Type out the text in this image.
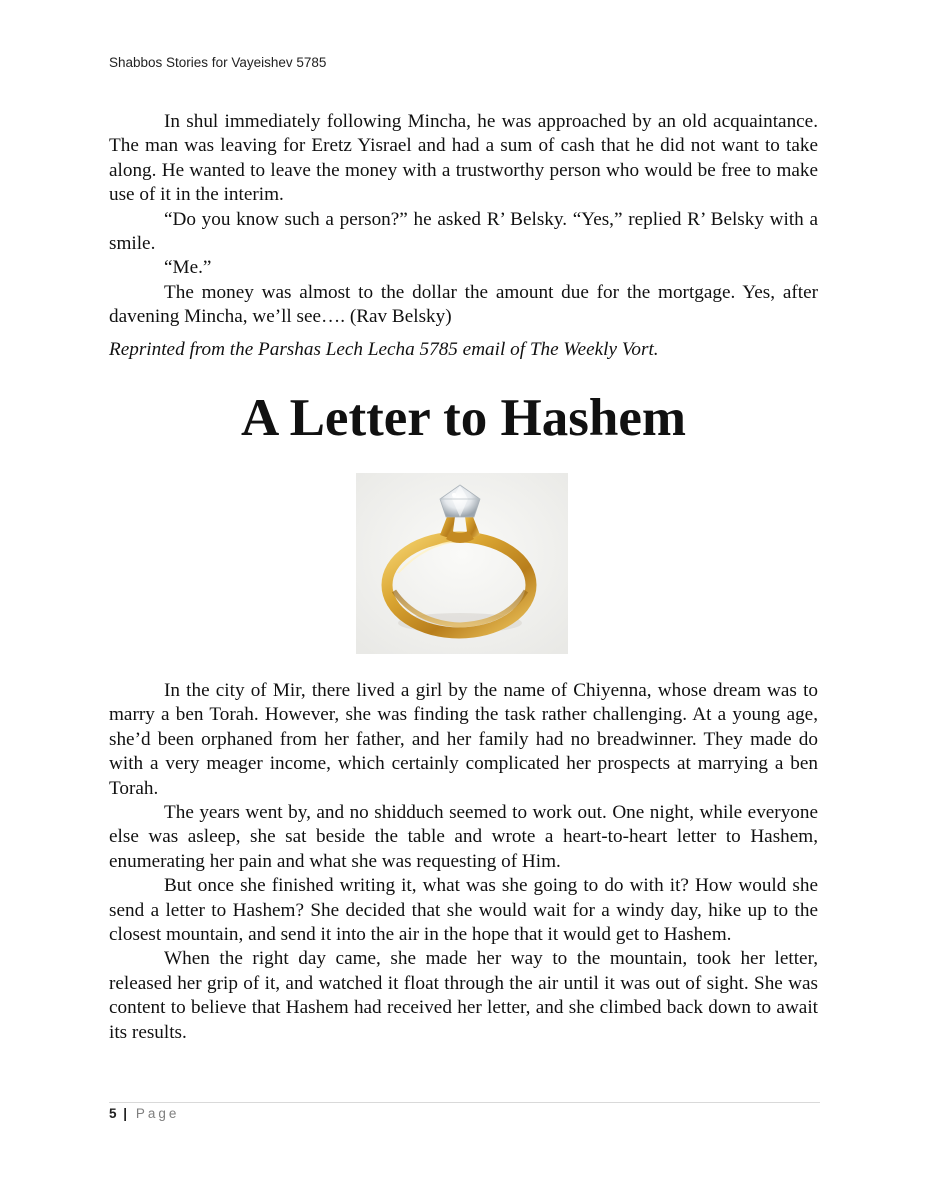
Shabbos Stories for Vayeishev 5785

In shul immediately following Mincha, he was approached by an old acquaintance. The man was leaving for Eretz Yisrael and had a sum of cash that he did not want to take along. He wanted to leave the money with a trustworthy person who would be free to make use of it in the interim.

“Do you know such a person?” he asked R’ Belsky. “Yes,” replied R’ Belsky with a smile.

“Me.”

The money was almost to the dollar the amount due for the mortgage. Yes, after davening Mincha, we’ll see…. (Rav Belsky)

Reprinted from the Parshas Lech Lecha 5785 email of The Weekly Vort.

A Letter to Hashem

In the city of Mir, there lived a girl by the name of Chiyenna, whose dream was to marry a ben Torah. However, she was finding the task rather challenging. At a young age, she’d been orphaned from her father, and her family had no breadwinner. They made do with a very meager income, which certainly complicated her prospects at marrying a ben Torah.

The years went by, and no shidduch seemed to work out. One night, while everyone else was asleep, she sat beside the table and wrote a heart-to-heart letter to Hashem, enumerating her pain and what she was requesting of Him.

But once she finished writing it, what was she going to do with it? How would she send a letter to Hashem? She decided that she would wait for a windy day, hike up to the closest mountain, and send it into the air in the hope that it would get to Hashem.

When the right day came, she made her way to the mountain, took her letter, released her grip of it, and watched it float through the air until it was out of sight. She was content to believe that Hashem had received her letter, and she climbed back down to await its results.

5 | Page
